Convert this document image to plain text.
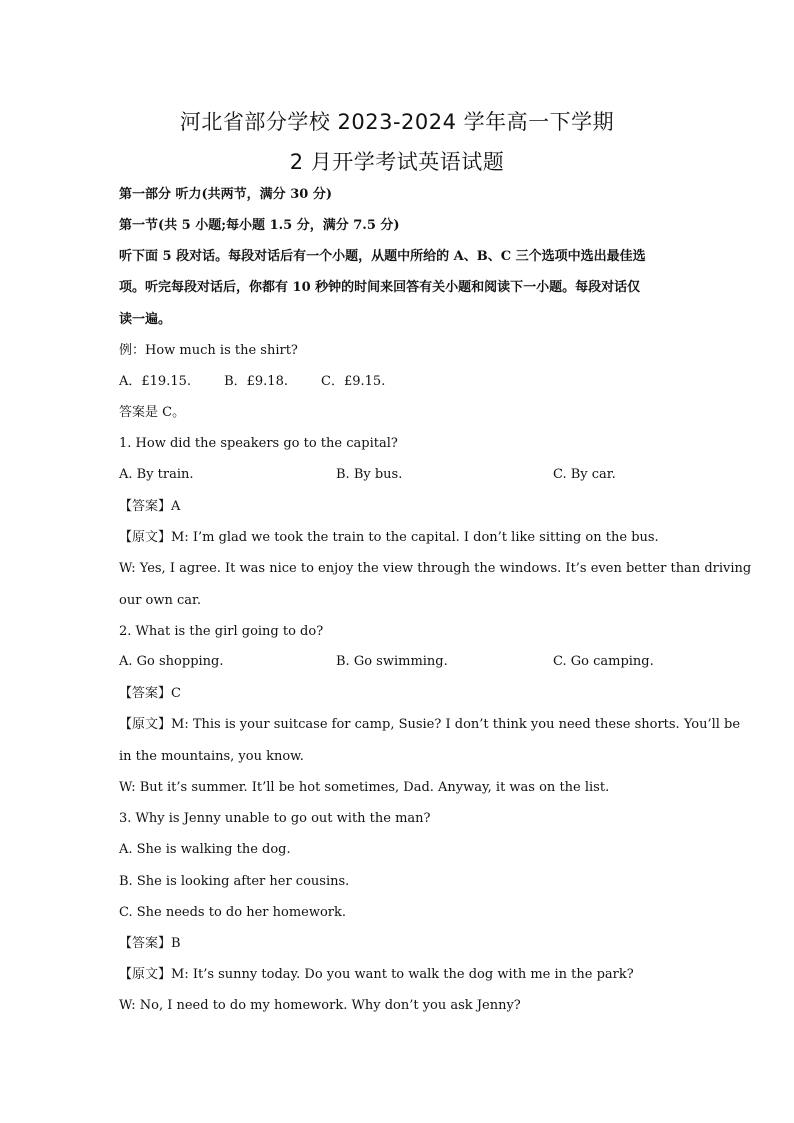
河北省部分学校 2023-2024 学年高一下学期
2 月开学考试英语试题
第一部分 听力(共两节，满分 30 分)
第一节(共 5 小题;每小题 1.5 分，满分 7.5 分)
听下面 5 段对话。每段对话后有一个小题，从题中所给的 A、B、C 三个选项中选出最佳选
项。听完每段对话后，你都有 10 秒钟的时间来回答有关小题和阅读下一小题。每段对话仅
读一遍。
例：How much is the shirt?
A．£19.15.        B．£9.18.        C．£9.15.
答案是 C。
1. How did the speakers go to the capital?
A. By train.	B. By bus.	C. By car.
【答案】A
【原文】M: I’m glad we took the train to the capital. I don’t like sitting on the bus.
W: Yes, I agree. It was nice to enjoy the view through the windows. It’s even better than driving
our own car.
2. What is the girl going to do?
A. Go shopping.	B. Go swimming.	C. Go camping.
【答案】C
【原文】M: This is your suitcase for camp, Susie? I don’t think you need these shorts. You’ll be
in the mountains, you know.
W: But it’s summer. It’ll be hot sometimes, Dad. Anyway, it was on the list.
3. Why is Jenny unable to go out with the man?
A. She is walking the dog.
B. She is looking after her cousins.
C. She needs to do her homework.
【答案】B
【原文】M: It’s sunny today. Do you want to walk the dog with me in the park?
W: No, I need to do my homework. Why don’t you ask Jenny?
